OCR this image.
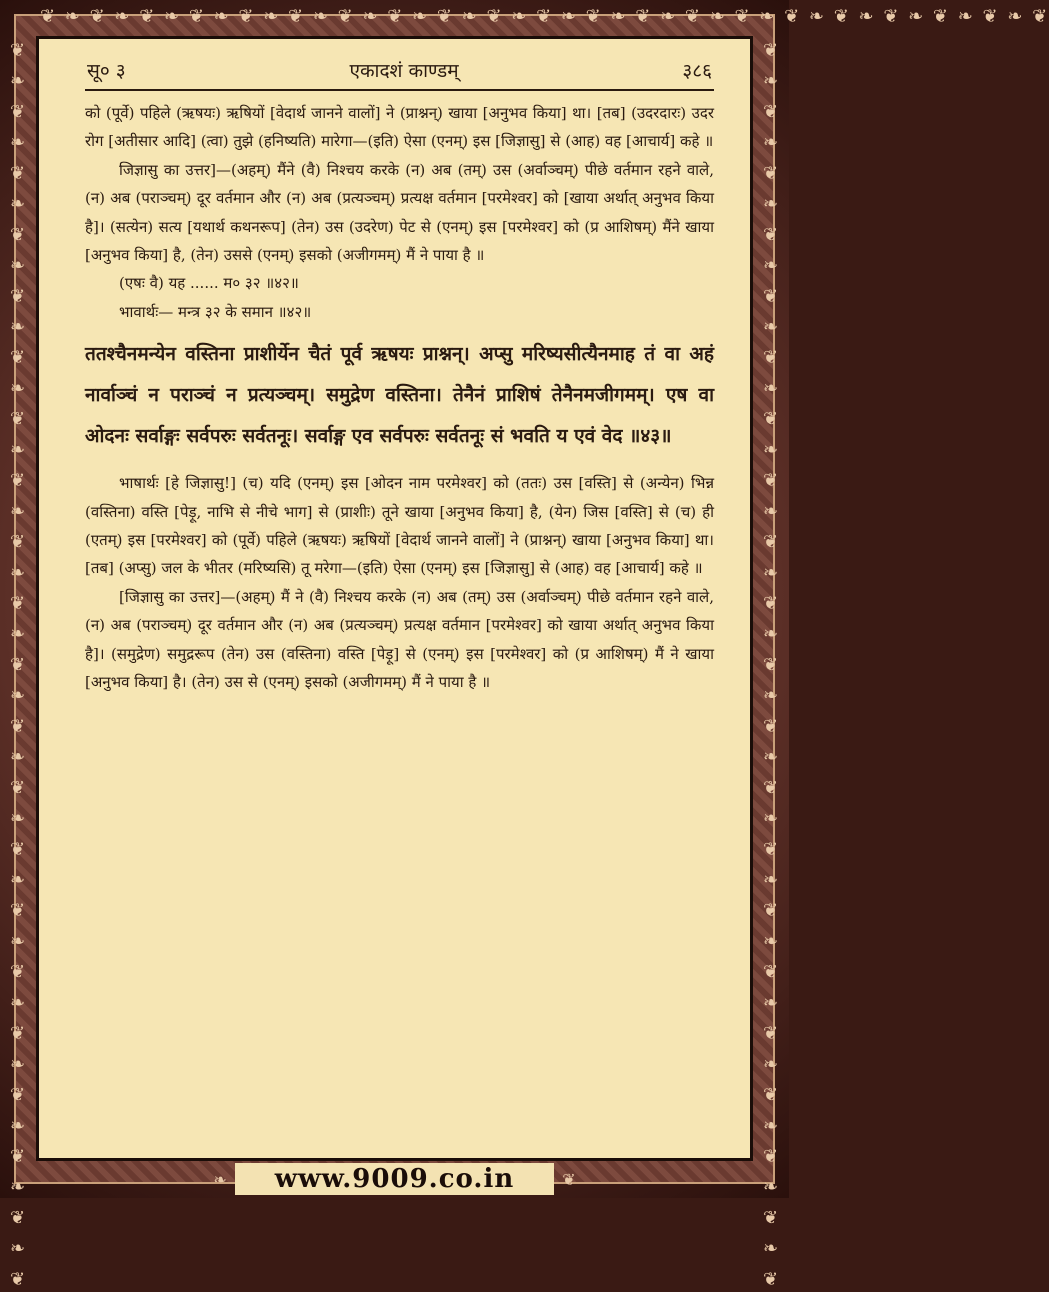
❦ ❧ ❦ ❧ ❦ ❧ ❦ ❧ ❦ ❧ ❦ ❧ ❦ ❧ ❦ ❧ ❦ ❧ ❦ ❧ ❦ ❧ ❦ ❧ ❦ ❧ ❦ ❧ ❦ ❧ ❦ ❧ ❦ ❧ ❦ ❧ ❦ ❧ ❦ ❧ ❦
❦ ❧ ❦ ❧ ❦ ❧ ❦ ❧ ❦ ❧ ❦ ❧ ❦ ❧ ❦ ❧ ❦ ❧ ❦ ❧ ❦ ❧ ❦ ❧ ❦ ❧ ❦ ❧ ❦ ❧ ❦ ❧ ❦ ❧ ❦ ❧ ❦ ❧ ❦ ❧ ❦	❦ ❧ ❦ ❧ ❦ ❧ ❦ ❧ ❦ ❧ ❦ ❧ ❦ ❧ ❦ ❧ ❦ ❧ ❦ ❧ ❦ ❧ ❦ ❧ ❦ ❧ ❦ ❧ ❦ ❧ ❦ ❧ ❦ ❧ ❦ ❧ ❦ ❧ ❦ ❧ ❦
सू० ३	एकादशं काण्डम्	३८६

को (पूर्वे) पहिले (ऋषयः) ऋषियों [वेदार्थ जानने वालों] ने (प्राश्नन्) खाया [अनुभव किया] था। [तब] (उदरदारः) उदर रोग [अतीसार आदि] (त्वा) तुझे (हनिष्यति) मारेगा—(इति) ऐसा (एनम्) इस [जिज्ञासु] से (आह) वह [आचार्य] कहे ॥

जिज्ञासु का उत्तर]—(अहम्) मैंने (वै) निश्चय करके (न) अब (तम्) उस (अर्वाञ्चम्) पीछे वर्तमान रहने वाले, (न) अब (पराञ्चम्) दूर वर्तमान और (न) अब (प्रत्यञ्चम्) प्रत्यक्ष वर्तमान [परमेश्वर] को [खाया अर्थात् अनुभव किया है]। (सत्येन) सत्य [यथार्थ कथनरूप] (तेन) उस (उदरेण) पेट से (एनम्) इस [परमेश्वर] को (प्र आशिषम्) मैंने खाया [अनुभव किया] है, (तेन) उससे (एनम्) इसको (अजीगमम्) मैं ने पाया है ॥

(एषः वै) यह ...... म० ३२ ॥४२॥

भावार्थः— मन्त्र ३२ के समान ॥४२॥

ततश्चैनमन्येन वस्तिना प्राशीर्येन चैतं पूर्व ऋषयः प्राश्नन्। अप्सु मरिष्यसीत्यैनमाह तं वा अहं नार्वाञ्चं न पराञ्चं न प्रत्यञ्चम्। समुद्रेण वस्तिना। तेनैनं प्राशिषं तेनैनमजीगमम्। एष वा ओदनः सर्वाङ्गः सर्वपरुः सर्वतनूः। सर्वाङ्ग एव सर्वपरुः सर्वतनूः सं भवति य एवं वेद ॥४३॥

भाषार्थः [हे जिज्ञासु!] (च) यदि (एनम्) इस [ओदन नाम परमेश्वर] को (ततः) उस [वस्ति] से (अन्येन) भिन्न (वस्तिना) वस्ति [पेड़ू, नाभि से नीचे भाग] से (प्राशीः) तूने खाया [अनुभव किया] है, (येन) जिस [वस्ति] से (च) ही (एतम्) इस [परमेश्वर] को (पूर्वे) पहिले (ऋषयः) ऋषियों [वेदार्थ जानने वालों] ने (प्राश्नन्) खाया [अनुभव किया] था। [तब] (अप्सु) जल के भीतर (मरिष्यसि) तू मरेगा—(इति) ऐसा (एनम्) इस [जिज्ञासु] से (आह) वह [आचार्य] कहे ॥

[जिज्ञासु का उत्तर]—(अहम्) मैं ने (वै) निश्चय करके (न) अब (तम्) उस (अर्वाञ्चम्) पीछे वर्तमान रहने वाले, (न) अब (पराञ्चम्) दूर वर्तमान और (न) अब (प्रत्यञ्चम्) प्रत्यक्ष वर्तमान [परमेश्वर] को खाया अर्थात् अनुभव किया है]। (समुद्रेण) समुद्ररूप (तेन) उस (वस्तिना) वस्ति [पेड़ू] से (एनम्) इस [परमेश्वर] को (प्र आशिषम्) मैं ने खाया [अनुभव किया] है। (तेन) उस से (एनम्) इसको (अजीगमम्) मैं ने पाया है ॥

❧ www.9009.co.in	❦
